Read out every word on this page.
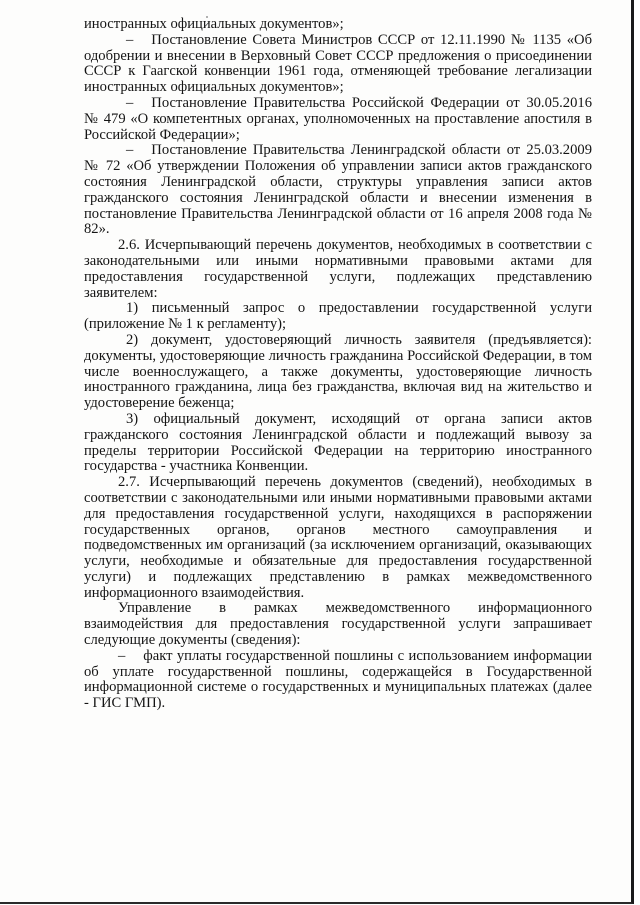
иностранных официальных документов»;

– Постановление Совета Министров СССР от 12.11.1990 № 1135 «Об одобрении и внесении в Верховный Совет СССР предложения о присоединении СССР к Гаагской конвенции 1961 года, отменяющей требование легализации иностранных официальных документов»;

– Постановление Правительства Российской Федерации от 30.05.2016 № 479 «О компетентных органах, уполномоченных на проставление апостиля в Российской Федерации»;

– Постановление Правительства Ленинградской области от 25.03.2009 № 72 «Об утверждении Положения об управлении записи актов гражданского состояния Ленинградской области, структуры управления записи актов гражданского состояния Ленинградской области и внесении изменения в постановление Правительства Ленинградской области от 16 апреля 2008 года № 82».

2.6. Исчерпывающий перечень документов, необходимых в соответствии с законодательными или иными нормативными правовыми актами для предоставления государственной услуги, подлежащих представлению заявителем:

1) письменный запрос о предоставлении государственной услуги (приложение № 1 к регламенту);

2) документ, удостоверяющий личность заявителя (предъявляется): документы, удостоверяющие личность гражданина Российской Федерации, в том числе военнослужащего, а также документы, удостоверяющие личность иностранного гражданина, лица без гражданства, включая вид на жительство и удостоверение беженца;

3) официальный документ, исходящий от органа записи актов гражданского состояния Ленинградской области и подлежащий вывозу за пределы территории Российской Федерации на территорию иностранного государства - участника Конвенции.

2.7. Исчерпывающий перечень документов (сведений), необходимых в соответствии с законодательными или иными нормативными правовыми актами для предоставления государственной услуги, находящихся в распоряжении государственных органов, органов местного самоуправления и подведомственных им организаций (за исключением организаций, оказывающих услуги, необходимые и обязательные для предоставления государственной услуги) и подлежащих представлению в рамках межведомственного информационного взаимодействия.

Управление в рамках межведомственного информационного взаимодействия для предоставления государственной услуги запрашивает следующие документы (сведения):

– факт уплаты государственной пошлины с использованием информации об уплате государственной пошлины, содержащейся в Государственной информационной системе о государственных и муниципальных платежах (далее - ГИС ГМП).
